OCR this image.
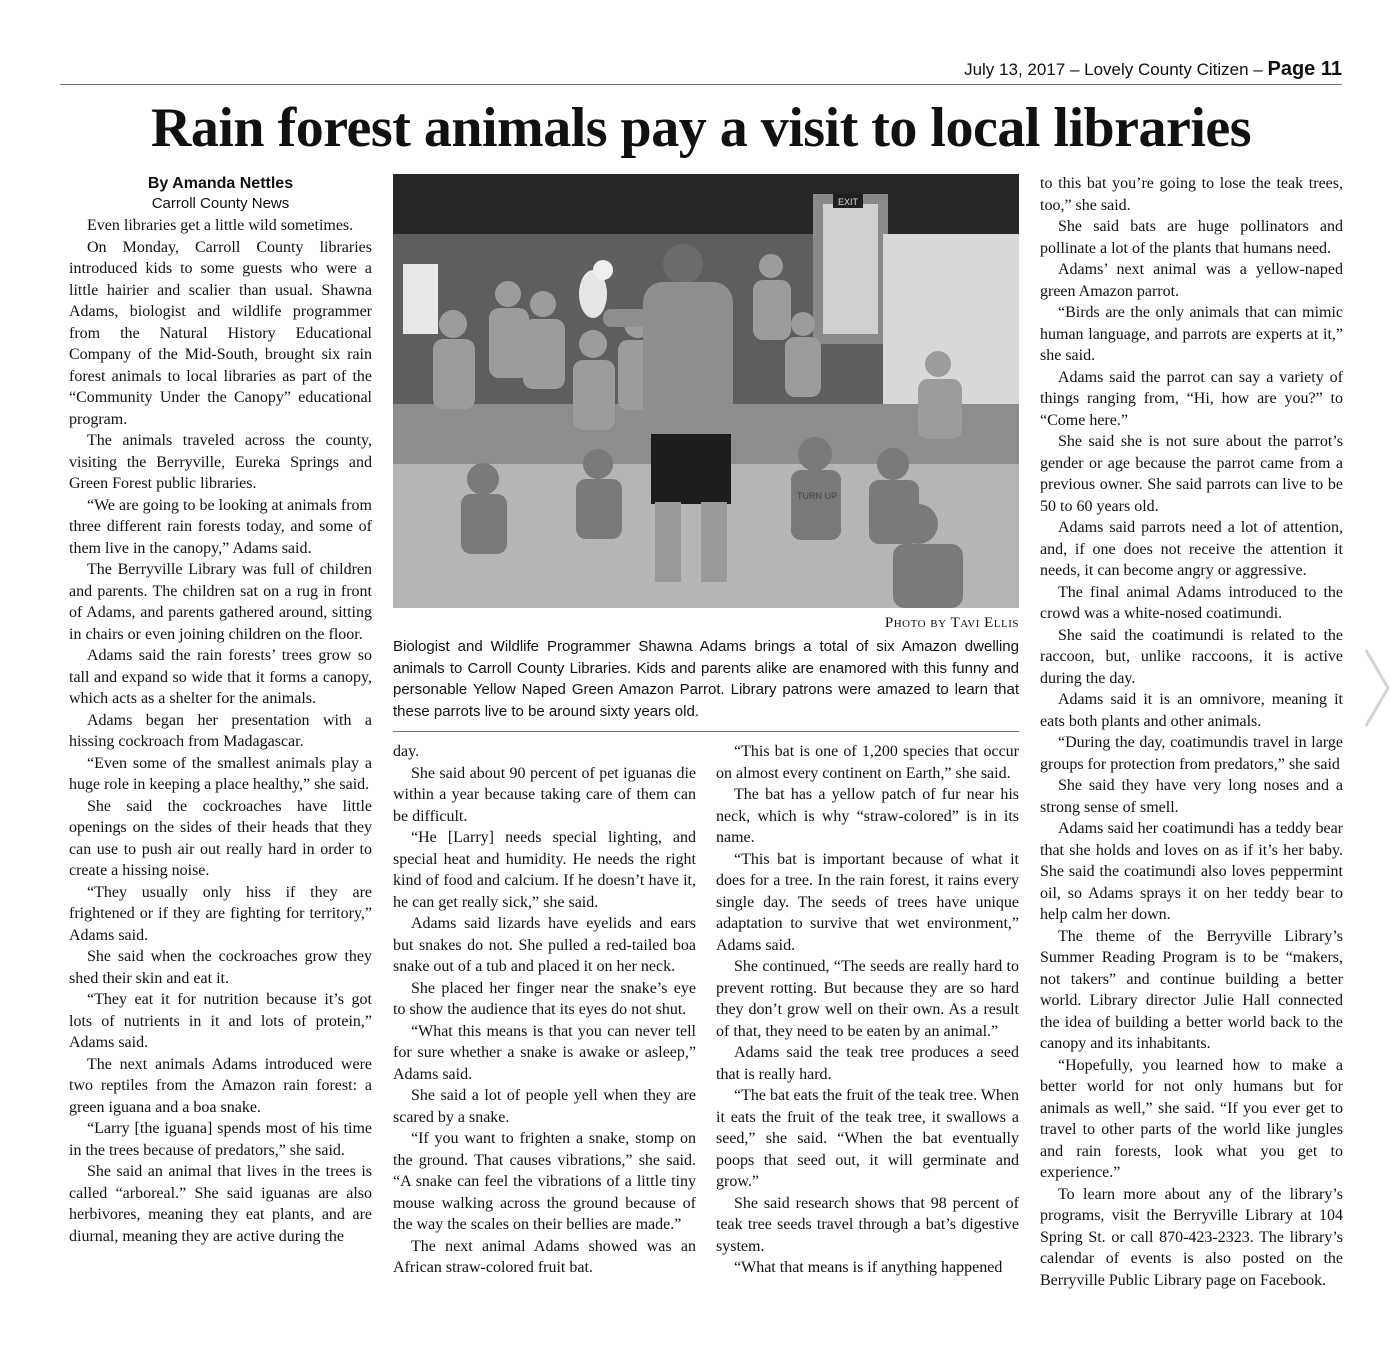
July 13, 2017 – Lovely County Citizen – Page 11
Rain forest animals pay a visit to local libraries
By Amanda Nettles
Carroll County News

Even libraries get a little wild sometimes.

On Monday, Carroll County libraries introduced kids to some guests who were a little hairier and scalier than usual. Shawna Adams, biologist and wildlife programmer from the Natural History Educational Company of the Mid-South, brought six rain forest animals to local libraries as part of the “Community Under the Canopy” educational program.

The animals traveled across the county, visiting the Berryville, Eureka Springs and Green Forest public libraries.

“We are going to be looking at animals from three different rain forests today, and some of them live in the canopy,” Adams said.

The Berryville Library was full of children and parents. The children sat on a rug in front of Adams, and parents gathered around, sitting in chairs or even joining children on the floor.

Adams said the rain forests’ trees grow so tall and expand so wide that it forms a canopy, which acts as a shelter for the animals.

Adams began her presentation with a hissing cockroach from Madagascar.

“Even some of the smallest animals play a huge role in keeping a place healthy,” she said.

She said the cockroaches have little openings on the sides of their heads that they can use to push air out really hard in order to create a hissing noise.

“They usually only hiss if they are frightened or if they are fighting for territory,” Adams said.

She said when the cockroaches grow they shed their skin and eat it.

“They eat it for nutrition because it’s got lots of nutrients in it and lots of protein,” Adams said.

The next animals Adams introduced were two reptiles from the Amazon rain forest: a green iguana and a boa snake.

“Larry [the iguana] spends most of his time in the trees because of predators,” she said.

She said an animal that lives in the trees is called “arboreal.” She said iguanas are also herbivores, meaning they eat plants, and are diurnal, meaning they are active during the

EXIT
TURN UP
Photo by Tavi Ellis
Biologist and Wildlife Programmer Shawna Adams brings a total of six Amazon dwelling animals to Carroll County Libraries. Kids and parents alike are enamored with this funny and personable Yellow Naped Green Amazon Parrot. Library patrons were amazed to learn that these parrots live to be around sixty years old.

day.

She said about 90 percent of pet iguanas die within a year because taking care of them can be difficult.

“He [Larry] needs special lighting, and special heat and humidity. He needs the right kind of food and calcium. If he doesn’t have it, he can get really sick,” she said.

Adams said lizards have eyelids and ears but snakes do not. She pulled a red-tailed boa snake out of a tub and placed it on her neck.

She placed her finger near the snake’s eye to show the audience that its eyes do not shut.

“What this means is that you can never tell for sure whether a snake is awake or asleep,” Adams said.

She said a lot of people yell when they are scared by a snake.

“If you want to frighten a snake, stomp on the ground. That causes vibrations,” she said. “A snake can feel the vibrations of a little tiny mouse walking across the ground because of the way the scales on their bellies are made.”

The next animal Adams showed was an African straw-colored fruit bat.

“This bat is one of 1,200 species that occur on almost every continent on Earth,” she said.

The bat has a yellow patch of fur near his neck, which is why “straw-colored” is in its name.

“This bat is important because of what it does for a tree. In the rain forest, it rains every single day. The seeds of trees have unique adaptation to survive that wet environment,” Adams said.

She continued, “The seeds are really hard to prevent rotting. But because they are so hard they don’t grow well on their own. As a result of that, they need to be eaten by an animal.”

Adams said the teak tree produces a seed that is really hard.

“The bat eats the fruit of the teak tree. When it eats the fruit of the teak tree, it swallows a seed,” she said. “When the bat eventually poops that seed out, it will germinate and grow.”

She said research shows that 98 percent of teak tree seeds travel through a bat’s digestive system.

“What that means is if anything happened

to this bat you’re going to lose the teak trees, too,” she said.

She said bats are huge pollinators and pollinate a lot of the plants that humans need.

Adams’ next animal was a yellow-naped green Amazon parrot.

“Birds are the only animals that can mimic human language, and parrots are experts at it,” she said.

Adams said the parrot can say a variety of things ranging from, “Hi, how are you?” to “Come here.”

She said she is not sure about the parrot’s gender or age because the parrot came from a previous owner. She said parrots can live to be 50 to 60 years old.

Adams said parrots need a lot of attention, and, if one does not receive the attention it needs, it can become angry or aggressive.

The final animal Adams introduced to the crowd was a white-nosed coatimundi.

She said the coatimundi is related to the raccoon, but, unlike raccoons, it is active during the day.

Adams said it is an omnivore, meaning it eats both plants and other animals.

“During the day, coatimundis travel in large groups for protection from predators,” she said

She said they have very long noses and a strong sense of smell.

Adams said her coatimundi has a teddy bear that she holds and loves on as if it’s her baby. She said the coatimundi also loves peppermint oil, so Adams sprays it on her teddy bear to help calm her down.

The theme of the Berryville Library’s Summer Reading Program is to be “makers, not takers” and continue building a better world. Library director Julie Hall connected the idea of building a better world back to the canopy and its inhabitants.

“Hopefully, you learned how to make a better world for not only humans but for animals as well,” she said. “If you ever get to travel to other parts of the world like jungles and rain forests, look what you get to experience.”

To learn more about any of the library’s programs, visit the Berryville Library at 104 Spring St. or call 870-423-2323. The library’s calendar of events is also posted on the Berryville Public Library page on Facebook.
